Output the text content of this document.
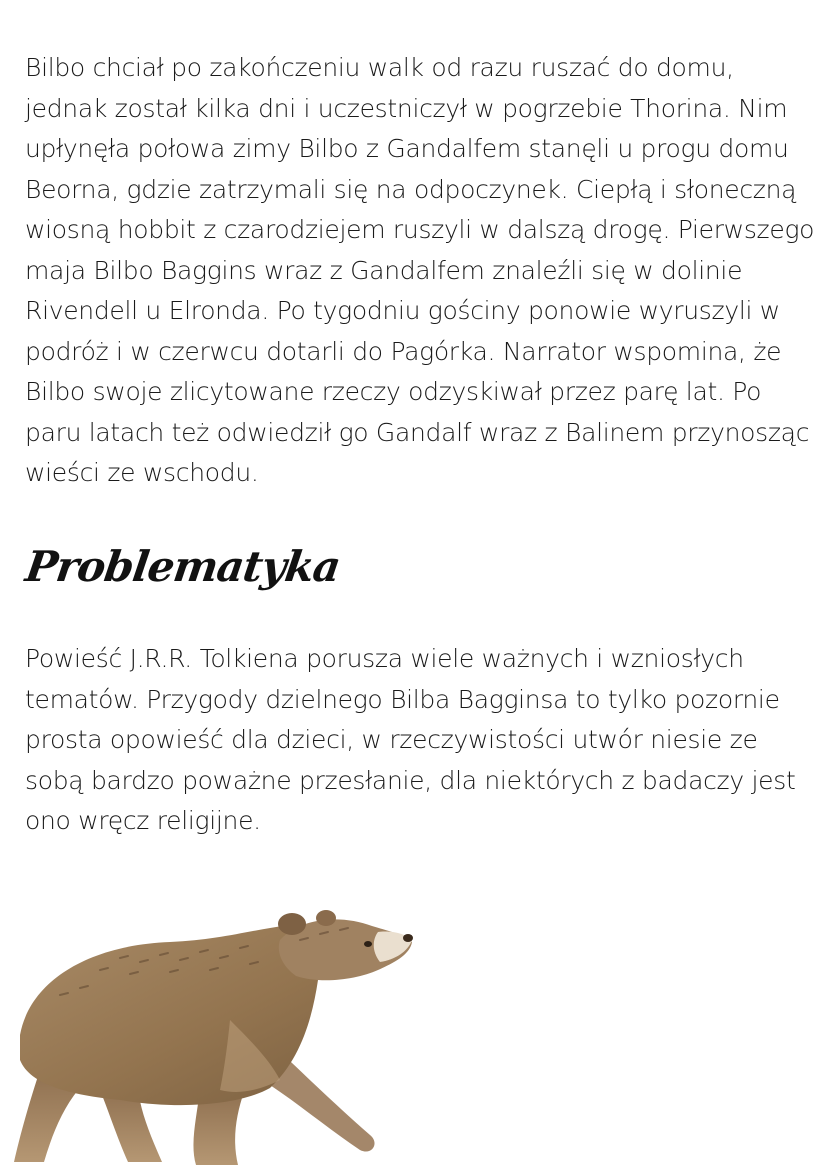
Bilbo chciał po zakończeniu walk od razu ruszać do domu, jednak został kilka dni i uczestniczył w pogrzebie Thorina. Nim upłynęła połowa zimy Bilbo z Gandalfem stanęli u progu domu Beorna, gdzie zatrzymali się na odpoczynek. Ciepłą i słoneczną wiosną hobbit z czarodziejem ruszyli w dalszą drogę. Pierwszego maja Bilbo Baggins wraz z Gandalfem znaleźli się w dolinie Rivendell u Elronda. Po tygodniu gościny ponowie wyruszyli w podróż i w czerwcu dotarli do Pagórka. Narrator wspomina, że Bilbo swoje zlicytowane rzeczy odzyskiwał przez parę lat. Po paru latach też odwiedził go Gandalf wraz z Balinem przynosząc wieści ze wschodu.

Problematyka

Powieść J.R.R. Tolkiena porusza wiele ważnych i wzniosłych tematów. Przygody dzielnego Bilba Bagginsa to tylko pozornie prosta opowieść dla dzieci, w rzeczywistości utwór niesie ze sobą bardzo poważne przesłanie, dla niektórych z badaczy jest ono wręcz religijne.
